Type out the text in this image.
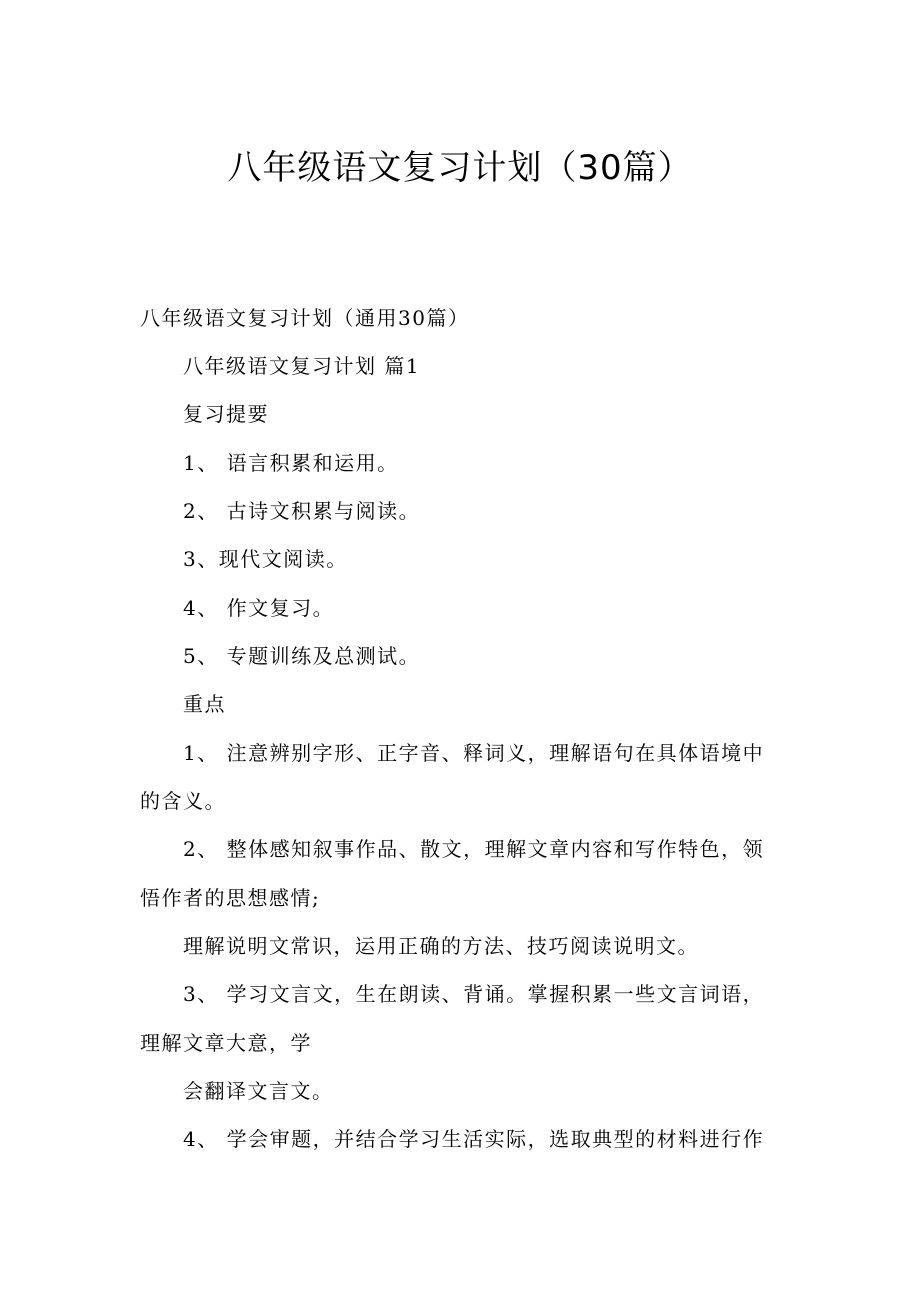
八年级语文复习计划（30篇）
八年级语文复习计划（通用30篇）
八年级语文复习计划 篇1
复习提要
1、 语言积累和运用。
2、 古诗文积累与阅读。
3、现代文阅读。
4、 作文复习。
5、 专题训练及总测试。
重点
1、 注意辨别字形、正字音、释词义，理解语句在具体语境中
的含义。
2、 整体感知叙事作品、散文，理解文章内容和写作特色，领
悟作者的思想感情;
理解说明文常识，运用正确的方法、技巧阅读说明文。
3、 学习文言文，生在朗读、背诵。掌握积累一些文言词语，
理解文章大意，学
会翻译文言文。
4、 学会审题，并结合学习生活实际，选取典型的材料进行作
